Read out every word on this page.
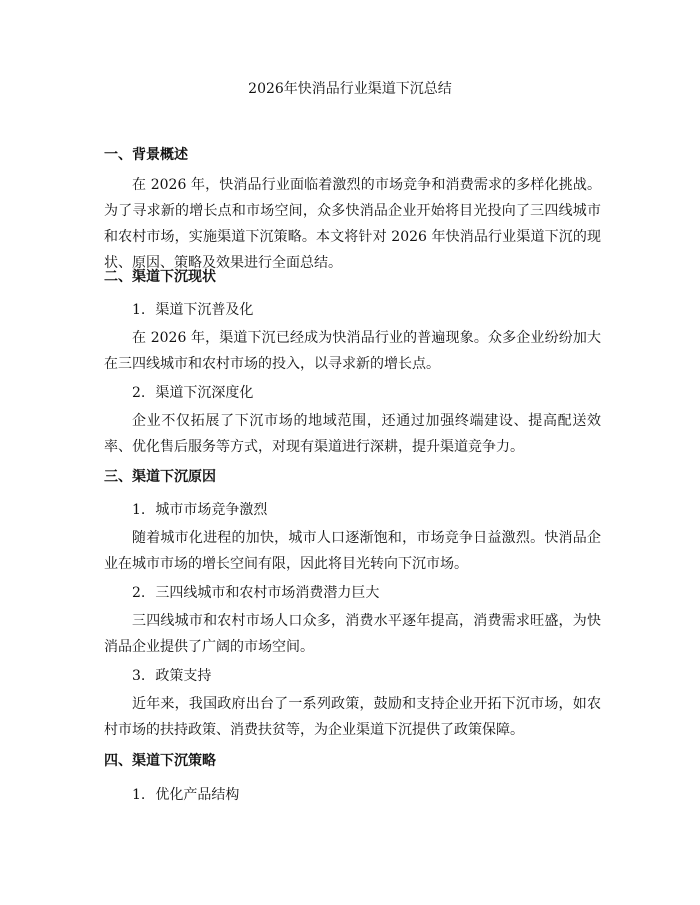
2026年快消品行业渠道下沉总结
一、背景概述
在 2026 年，快消品行业面临着激烈的市场竞争和消费需求的多样化挑战。为了寻求新的增长点和市场空间，众多快消品企业开始将目光投向了三四线城市和农村市场，实施渠道下沉策略。本文将针对 2026 年快消品行业渠道下沉的现状、原因、策略及效果进行全面总结。
二、渠道下沉现状
1. 渠道下沉普及化
在 2026 年，渠道下沉已经成为快消品行业的普遍现象。众多企业纷纷加大在三四线城市和农村市场的投入，以寻求新的增长点。
2. 渠道下沉深度化
企业不仅拓展了下沉市场的地域范围，还通过加强终端建设、提高配送效率、优化售后服务等方式，对现有渠道进行深耕，提升渠道竞争力。
三、渠道下沉原因
1. 城市市场竞争激烈
随着城市化进程的加快，城市人口逐渐饱和，市场竞争日益激烈。快消品企业在城市市场的增长空间有限，因此将目光转向下沉市场。
2. 三四线城市和农村市场消费潜力巨大
三四线城市和农村市场人口众多，消费水平逐年提高，消费需求旺盛，为快消品企业提供了广阔的市场空间。
3. 政策支持
近年来，我国政府出台了一系列政策，鼓励和支持企业开拓下沉市场，如农村市场的扶持政策、消费扶贫等，为企业渠道下沉提供了政策保障。
四、渠道下沉策略
1. 优化产品结构
